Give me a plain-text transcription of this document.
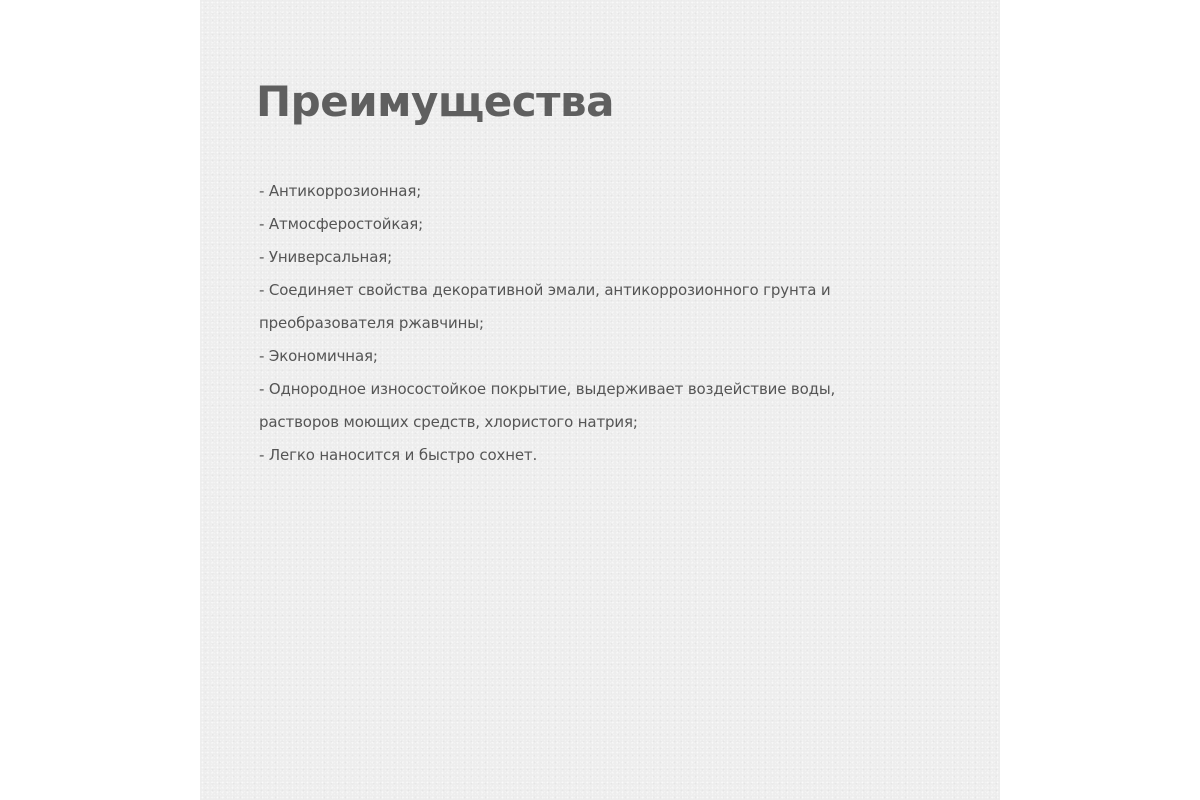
Преимущества
- Антикоррозионная;
- Атмосферостойкая;
- Универсальная;
- Соединяет свойства декоративной эмали, антикоррозионного грунта и
преобразователя ржавчины;
- Экономичная;
- Однородное износостойкое покрытие, выдерживает воздействие воды,
растворов моющих средств, хлористого натрия;
- Легко наносится и быстро сохнет.
